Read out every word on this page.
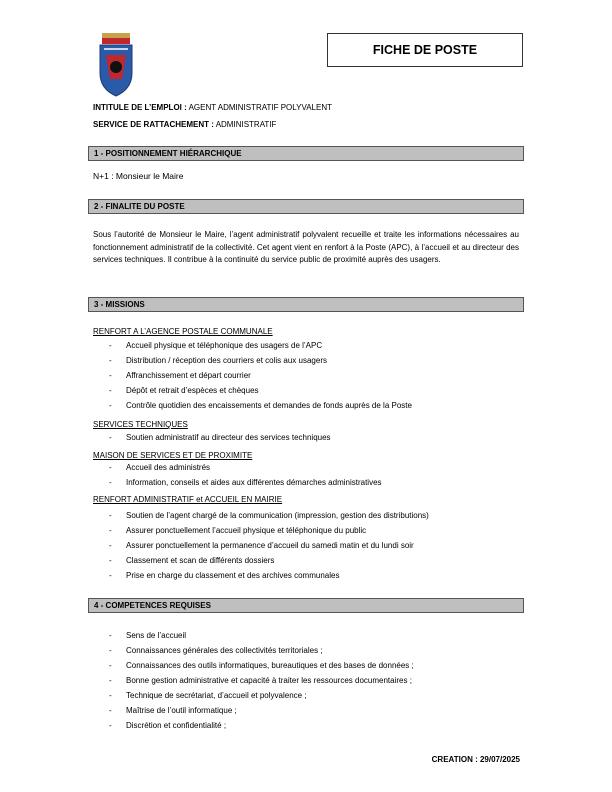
FICHE DE POSTE
INTITULE DE L’EMPLOI : AGENT ADMINISTRATIF POLYVALENT
SERVICE DE RATTACHEMENT : ADMINISTRATIF
1 - POSITIONNEMENT HIÉRARCHIQUE
N+1 : Monsieur le Maire
2 - FINALITE DU POSTE
Sous l’autorité de Monsieur le Maire, l’agent administratif polyvalent recueille et traite les informations nécessaires au fonctionnement administratif de la collectivité. Cet agent vient en renfort à la Poste (APC), à l’accueil et au directeur des services techniques. Il contribue à la continuité du service public de proximité auprès des usagers.
3 - MISSIONS
RENFORT A L’AGENCE POSTALE COMMUNALE
- Accueil physique et téléphonique des usagers de l’APC
- Distribution / réception des courriers et colis aux usagers
- Affranchissement et départ courrier
- Dépôt et retrait d’espèces et chèques
- Contrôle quotidien des encaissements et demandes de fonds auprès de la Poste
SERVICES TECHNIQUES
- Soutien administratif au directeur des services techniques
MAISON DE SERVICES ET DE PROXIMITE
- Accueil des administrés
- Information, conseils et aides aux différentes démarches administratives
RENFORT ADMINISTRATIF et ACCUEIL EN MAIRIE
- Soutien de l’agent chargé de la communication (impression, gestion des distributions)
- Assurer ponctuellement l’accueil physique et téléphonique du public
- Assurer ponctuellement la permanence d’accueil du samedi matin et du lundi soir
- Classement et scan de différents dossiers
- Prise en charge du classement et des archives communales
4 - COMPETENCES REQUISES
- Sens de l’accueil
- Connaissances générales des collectivités territoriales ;
- Connaissances des outils informatiques, bureautiques et des bases de données ;
- Bonne gestion administrative et capacité à traiter les ressources documentaires ;
- Technique de secrétariat, d’accueil et polyvalence ;
- Maîtrise de l’outil informatique ;
- Discrétion et confidentialité ;
CREATION : 29/07/2025
